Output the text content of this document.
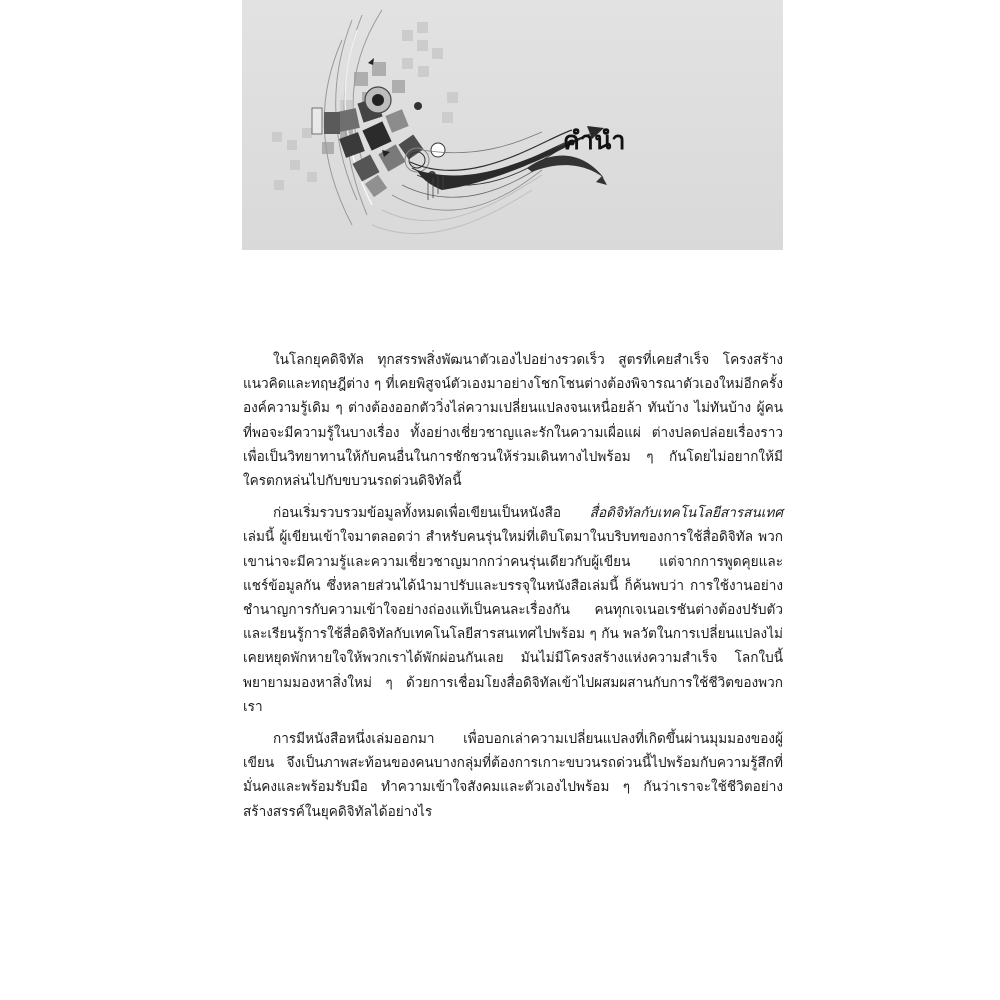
คำนำ

ในโลกยุคดิจิทัล ทุกสรรพสิ่งพัฒนาตัวเองไปอย่างรวดเร็ว สูตรที่เคยสำเร็จ โครงสร้าง แนวคิดและทฤษฎีต่าง ๆ ที่เคยพิสูจน์ตัวเองมาอย่างโชกโชนต่างต้องพิจารณาตัวเองใหม่อีกครั้ง องค์ความรู้เดิม ๆ ต่างต้องออกตัววิ่งไล่ความเปลี่ยนแปลงจนเหนื่อยล้า ทันบ้าง ไม่ทันบ้าง ผู้คนที่พอจะมีความรู้ในบางเรื่อง ทั้งอย่างเชี่ยวชาญและรักในความเผื่อแผ่ ต่างปลดปล่อยเรื่องราวเพื่อเป็นวิทยาทานให้กับคนอื่นในการชักชวนให้ร่วมเดินทางไปพร้อม ๆ กันโดยไม่อยากให้มีใครตกหล่นไปกับขบวนรถด่วนดิจิทัลนี้

ก่อนเริ่มรวบรวมข้อมูลทั้งหมดเพื่อเขียนเป็นหนังสือ สื่อดิจิทัลกับเทคโนโลยีสารสนเทศ เล่มนี้ ผู้เขียนเข้าใจมาตลอดว่า สำหรับคนรุ่นใหม่ที่เติบโตมาในบริบทของการใช้สื่อดิจิทัล พวกเขาน่าจะมีความรู้และความเชี่ยวชาญมากกว่าคนรุ่นเดียวกับผู้เขียน แต่จากการพูดคุยและแชร์ข้อมูลกัน ซึ่งหลายส่วนได้นำมาปรับและบรรจุในหนังสือเล่มนี้ ก็ค้นพบว่า การใช้งานอย่างชำนาญการกับความเข้าใจอย่างถ่องแท้เป็นคนละเรื่องกัน คนทุกเจเนอเรชันต่างต้องปรับตัวและเรียนรู้การใช้สื่อดิจิทัลกับเทคโนโลยีสารสนเทศไปพร้อม ๆ กัน พลวัตในการเปลี่ยนแปลงไม่เคยหยุดพักหายใจให้พวกเราได้พักผ่อนกันเลย มันไม่มีโครงสร้างแห่งความสำเร็จ โลกใบนี้พยายามมองหาสิ่งใหม่ ๆ ด้วยการเชื่อมโยงสื่อดิจิทัลเข้าไปผสมผสานกับการใช้ชีวิตของพวกเรา

การมีหนังสือหนึ่งเล่มออกมา เพื่อบอกเล่าความเปลี่ยนแปลงที่เกิดขึ้นผ่านมุมมองของผู้เขียน จึงเป็นภาพสะท้อนของคนบางกลุ่มที่ต้องการเกาะขบวนรถด่วนนี้ไปพร้อมกับความรู้สึกที่มั่นคงและพร้อมรับมือ ทำความเข้าใจสังคมและตัวเองไปพร้อม ๆ กันว่าเราจะใช้ชีวิตอย่างสร้างสรรค์ในยุคดิจิทัลได้อย่างไร
